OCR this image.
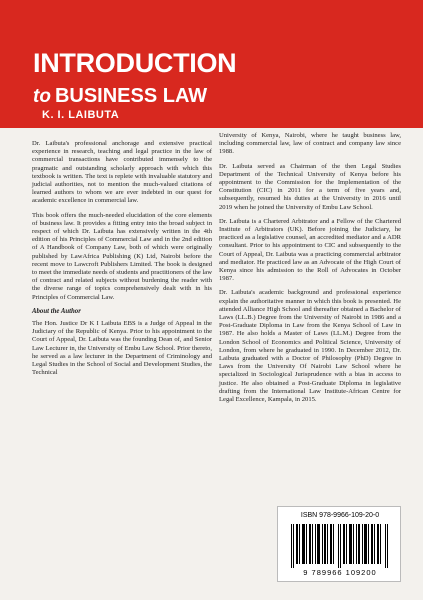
INTRODUCTION
to BUSINESS LAW
K. I. LAIBUTA

Dr. Laibuta's professional anchorage and extensive practical experience in research, teaching and legal practice in the law of commercial transactions have contributed immensely to the pragmatic and outstanding scholarly approach with which this textbook is written. The text is replete with invaluable statutory and judicial authorities, not to mention the much-valued citations of learned authors to whom we are ever indebted in our quest for academic excellence in commercial law.

This book offers the much-needed elucidation of the core elements of business law. It provides a fitting entry into the broad subject in respect of which Dr. Laibuta has extensively written in the 4th edition of his Principles of Commercial Law and in the 2nd edition of A Handbook of Company Law, both of which were originally published by LawAfrica Publishing (K) Ltd, Nairobi before the recent move to Lawcroft Publishers Limited. The book is designed to meet the immediate needs of students and practitioners of the law of contract and related subjects without burdening the reader with the diverse range of topics comprehensively dealt with in his Principles of Commercial Law.

About the Author

The Hon. Justice Dr K I Laibuta EBS is a Judge of Appeal in the Judiciary of the Republic of Kenya. Prior to his appointment to the Court of Appeal, Dr. Laibuta was the founding Dean of, and Senior Law Lecturer in, the University of Embu Law School. Prior thereto, he served as a law lecturer in the Department of Criminology and Legal Studies in the School of Social and Development Studies, the Technical

University of Kenya, Nairobi, where he taught business law, including commercial law, law of contract and company law since 1988.

Dr. Laibuta served as Chairman of the then Legal Studies Department of the Technical University of Kenya before his appointment to the Commission for the Implementation of the Constitution (CIC) in 2011 for a term of five years and, subsequently, resumed his duties at the University in 2016 until 2019 when he joined the University of Embu Law School.

Dr. Laibuta is a Chartered Arbitrator and a Fellow of the Chartered Institute of Arbitrators (UK). Before joining the Judiciary, he practiced as a legislative counsel, an accredited mediator and a ADR consultant. Prior to his appointment to CIC and subsequently to the Court of Appeal, Dr. Laibuta was a practicing commercial arbitrator and mediator. He practiced law as an Advocate of the High Court of Kenya since his admission to the Roll of Advocates in October 1987.

Dr. Laibuta's academic background and professional experience explain the authoritative manner in which this book is presented. He attended Alliance High School and thereafter obtained a Bachelor of Laws (LL.B.) Degree from the University of Nairobi in 1986 and a Post-Graduate Diploma in Law from the Kenya School of Law in 1987. He also holds a Master of Laws (LL.M.) Degree from the London School of Economics and Political Science, University of London, from where he graduated in 1990. In December 2012, Dr. Laibuta graduated with a Doctor of Philosophy (PhD) Degree in Laws from the University Of Nairobi Law School where he specialized in Sociological Jurisprudence with a bias in access to justice. He also obtained a Post-Graduate Diploma in legislative drafting from the International Law Institute-African Centre for Legal Excellence, Kampala, in 2015.

ISBN 978-9966-109-20-0
9 789966 109200
